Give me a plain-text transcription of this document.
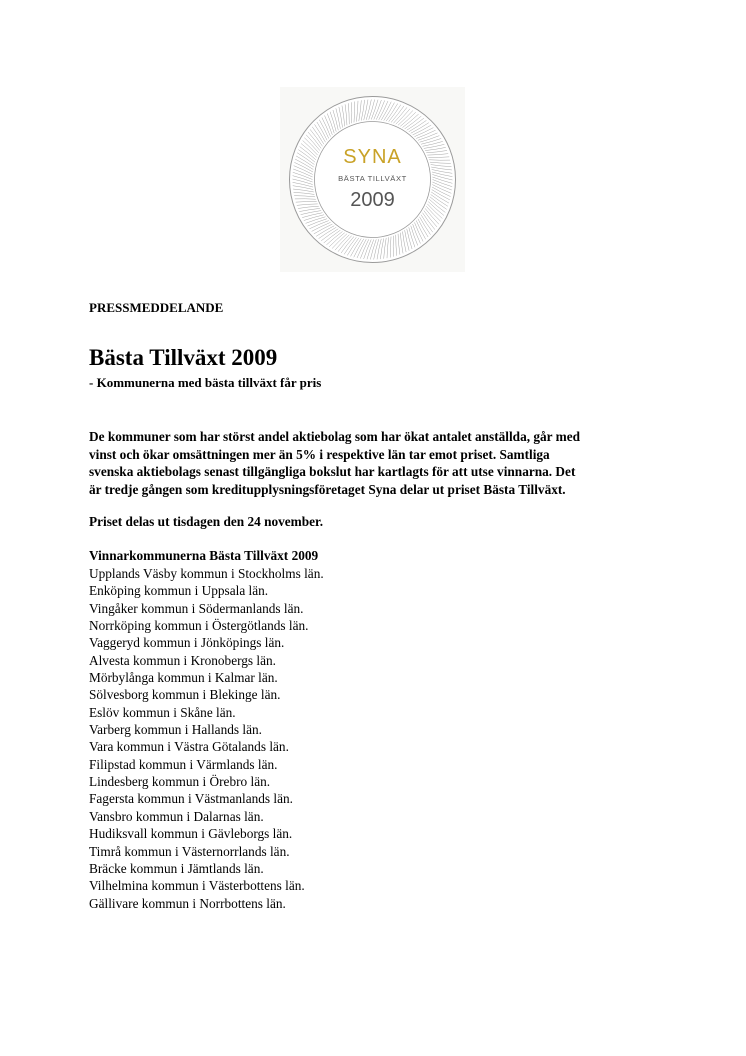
SYNA
BÄSTA TILLVÄXT
2009
PRESSMEDDELANDE
Bästa Tillväxt 2009
- Kommunerna med bästa tillväxt får pris

De kommuner som har störst andel aktiebolag som har ökat antalet anställda, går med

vinst och ökar omsättningen mer än 5% i respektive län tar emot priset. Samtliga

svenska aktiebolags senast tillgängliga bokslut har kartlagts för att utse vinnarna. Det

är tredje gången som kreditupplysningsföretaget Syna delar ut priset Bästa Tillväxt.

Priset delas ut tisdagen den 24 november.
Vinnarkommunerna Bästa Tillväxt 2009
Upplands Väsby kommun i Stockholms län.
Enköping kommun i Uppsala län.
Vingåker kommun i Södermanlands län.
Norrköping kommun i Östergötlands län.
Vaggeryd kommun i Jönköpings län.
Alvesta kommun i Kronobergs län.
Mörbylånga kommun i Kalmar län.
Sölvesborg kommun i Blekinge län.
Eslöv kommun i Skåne län.
Varberg kommun i Hallands län.
Vara kommun i Västra Götalands län.
Filipstad kommun i Värmlands län.
Lindesberg kommun i Örebro län.
Fagersta kommun i Västmanlands län.
Vansbro kommun i Dalarnas län.
Hudiksvall kommun i Gävleborgs län.
Timrå kommun i Västernorrlands län.
Bräcke kommun i Jämtlands län.
Vilhelmina kommun i Västerbottens län.
Gällivare kommun i Norrbottens län.
